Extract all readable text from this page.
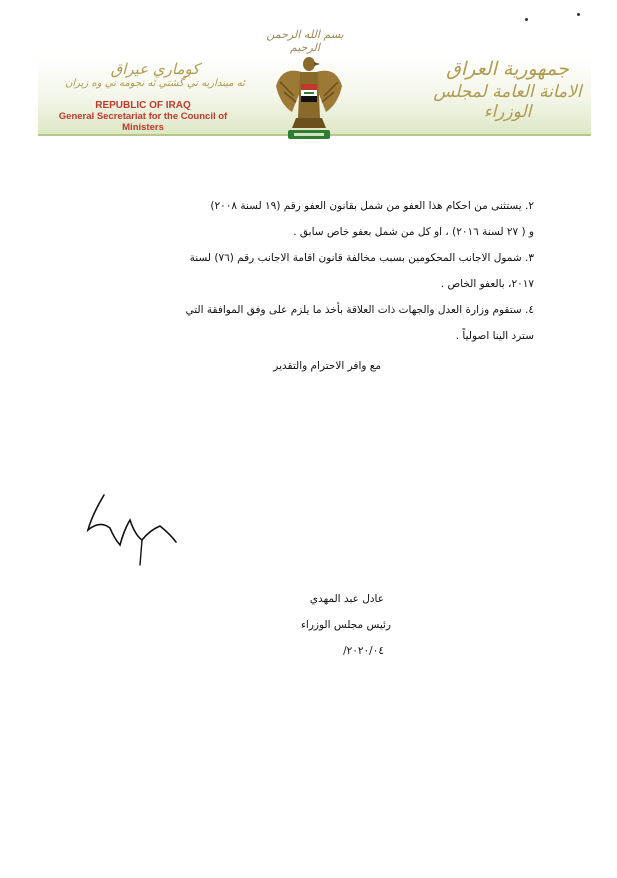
بسم الله الرحمن الرحيم
كوماري عيراق
ئه مینداریه تي گشتي ئه نجومه ني وه زیران
REPUBLIC OF IRAQ
General Secretariat for the Council of Ministers
جمهورية العراق
الامانة العامة لمجلس الوزراء
٢. يستثنى من احكام هذا العفو من شمل بقانون العفو رقم (١٩ لسنة ٢٠٠٨)
و ( ٢٧ لسنة ٢٠١٦) ، او كل من شمل بعفو خاص سابق .
٣. شمول الاجانب المحكومين بسبب مخالفة قانون اقامة الاجانب رقم (٧٦) لسنة
٢٠١٧، بالعفو الخاص .
٤. ستقوم وزارة العدل والجهات ذات العلاقة بأخذ ما يلزم على وفق الموافقة التي
سترد الينا اصولياً .
مع وافر الاحترام والتقدير
عادل عبد المهدي
رئيس مجلس الوزراء
٢٠٢٠/٠٤/
